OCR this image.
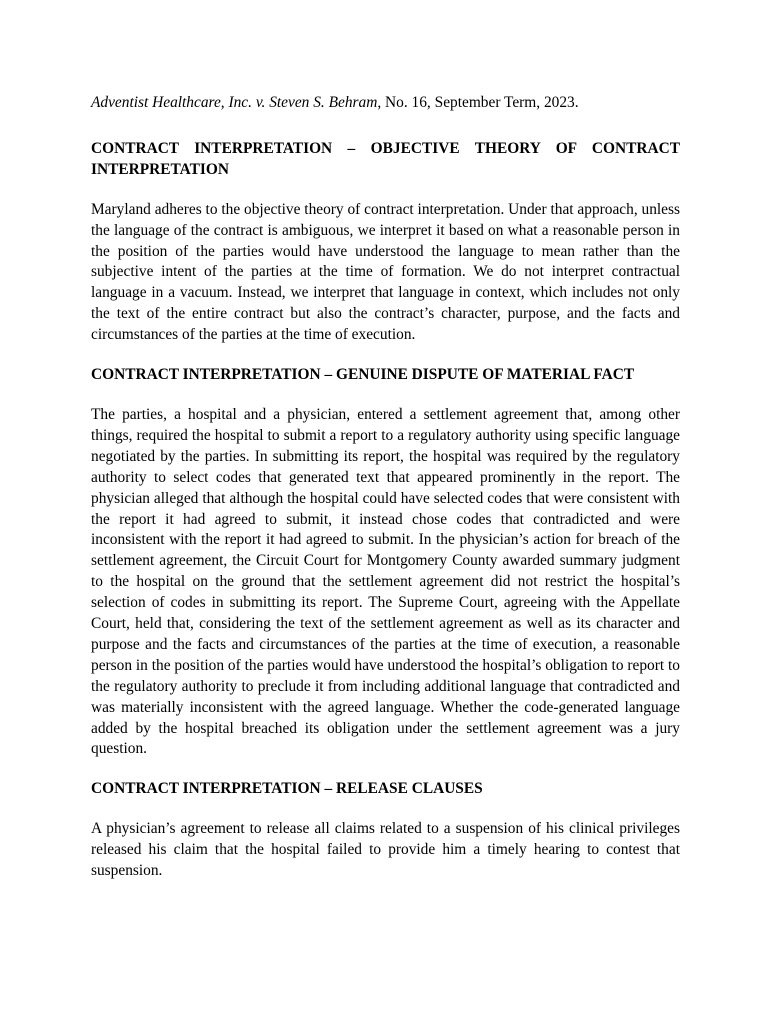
Adventist Healthcare, Inc. v. Steven S. Behram, No. 16, September Term, 2023.

CONTRACT INTERPRETATION – OBJECTIVE THEORY OF CONTRACT INTERPRETATION

Maryland adheres to the objective theory of contract interpretation. Under that approach, unless the language of the contract is ambiguous, we interpret it based on what a reasonable person in the position of the parties would have understood the language to mean rather than the subjective intent of the parties at the time of formation. We do not interpret contractual language in a vacuum. Instead, we interpret that language in context, which includes not only the text of the entire contract but also the contract’s character, purpose, and the facts and circumstances of the parties at the time of execution.

CONTRACT INTERPRETATION – GENUINE DISPUTE OF MATERIAL FACT

The parties, a hospital and a physician, entered a settlement agreement that, among other things, required the hospital to submit a report to a regulatory authority using specific language negotiated by the parties. In submitting its report, the hospital was required by the regulatory authority to select codes that generated text that appeared prominently in the report. The physician alleged that although the hospital could have selected codes that were consistent with the report it had agreed to submit, it instead chose codes that contradicted and were inconsistent with the report it had agreed to submit. In the physician’s action for breach of the settlement agreement, the Circuit Court for Montgomery County awarded summary judgment to the hospital on the ground that the settlement agreement did not restrict the hospital’s selection of codes in submitting its report. The Supreme Court, agreeing with the Appellate Court, held that, considering the text of the settlement agreement as well as its character and purpose and the facts and circumstances of the parties at the time of execution, a reasonable person in the position of the parties would have understood the hospital’s obligation to report to the regulatory authority to preclude it from including additional language that contradicted and was materially inconsistent with the agreed language. Whether the code-generated language added by the hospital breached its obligation under the settlement agreement was a jury question.

CONTRACT INTERPRETATION – RELEASE CLAUSES

A physician’s agreement to release all claims related to a suspension of his clinical privileges released his claim that the hospital failed to provide him a timely hearing to contest that suspension.
